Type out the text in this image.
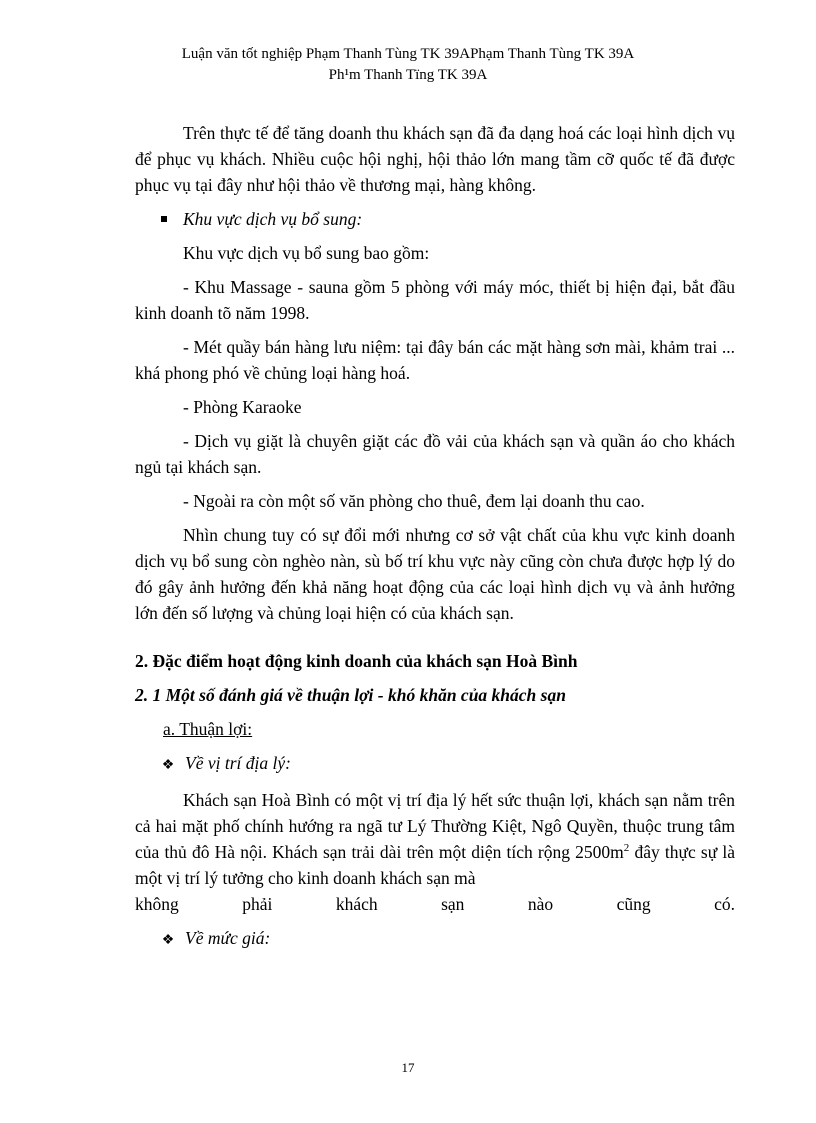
Luận văn tốt nghiệp Phạm Thanh Tùng TK 39APhạm Thanh Tùng TK 39A
Ph¹m Thanh Tïng TK 39A

Trên thực tế để tăng doanh thu khách sạn đã đa dạng hoá các loại hình dịch vụ để phục vụ khách. Nhiều cuộc hội nghị, hội thảo lớn mang tầm cỡ quốc tế đã được phục vụ tại đây như hội thảo về thương mại, hàng không.

Khu vực dịch vụ bổ sung:

Khu vực dịch vụ bổ sung bao gồm:

- Khu Massage - sauna gồm 5 phòng với máy móc, thiết bị hiện đại, bắt đầu kinh doanh tõ năm 1998.

- Mét quầy bán hàng lưu niệm: tại đây bán các mặt hàng sơn mài, khảm trai ... khá phong phó về chủng loại hàng hoá.

- Phòng Karaoke

- Dịch vụ giặt là chuyên giặt các đồ vải của khách sạn và quần áo cho khách ngủ tại khách sạn.

- Ngoài ra còn một số văn phòng cho thuê, đem lại doanh thu cao.

Nhìn chung tuy có sự đổi mới nhưng cơ sở vật chất của khu vực kinh doanh dịch vụ bổ sung còn nghèo nàn, sù bố trí khu vực này cũng còn chưa được hợp lý do đó gây ảnh hưởng đến khả năng hoạt động của các loại hình dịch vụ và ảnh hưởng lớn đến số lượng và chủng loại hiện có của khách sạn.

2. Đặc điểm hoạt động kinh doanh của khách sạn Hoà Bình

2. 1 Một số đánh giá về thuận lợi - khó khăn của khách sạn

a. Thuận lợi:

❖ Về vị trí địa lý:

Khách sạn Hoà Bình có một vị trí địa lý hết sức thuận lợi, khách sạn nằm trên cả hai mặt phố chính hướng ra ngã tư Lý Thường Kiệt, Ngô Quyền, thuộc trung tâm của thủ đô Hà nội. Khách sạn trải dài trên một diện tích rộng $2500m^2$ đây thực sự là một vị trí lý tưởng cho kinh doanh khách sạn mà

không phải khách sạn nào cũng có.

❖ Về mức giá:
17
